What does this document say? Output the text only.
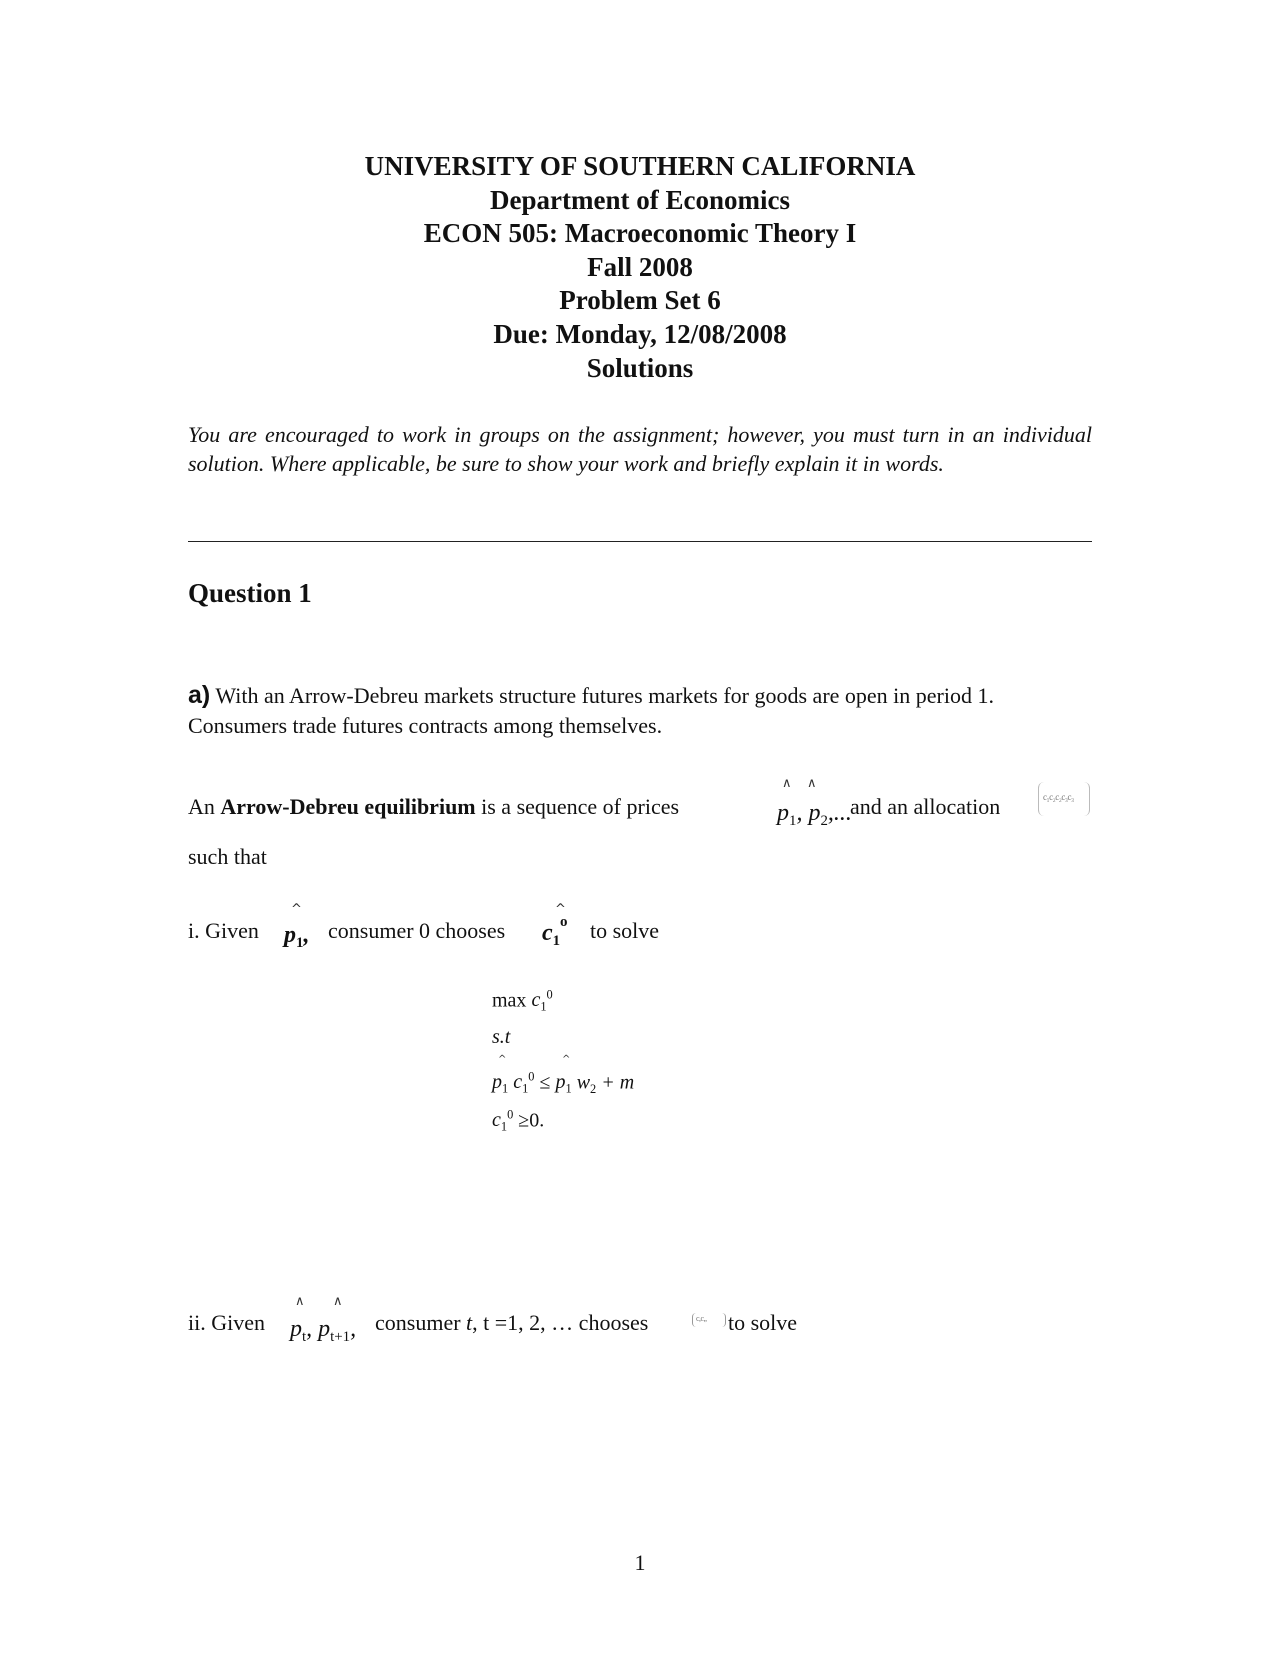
UNIVERSITY OF SOUTHERN CALIFORNIA
Department of Economics
ECON 505: Macroeconomic Theory I
Fall 2008
Problem Set 6
Due: Monday, 12/08/2008
Solutions
You are encouraged to work in groups on the assignment; however, you must turn in an individual solution. Where applicable, be sure to show your work and briefly explain it in words.
Question 1
a) With an Arrow-Debreu markets structure futures markets for goods are open in period 1. Consumers trade futures contracts among themselves.
An Arrow-Debreu equilibrium is a sequence of prices
∧ ∧
$p_1$, $p_2$,...
and an allocation	c₁c₂c₂c₃c₃
such that
i. Given
^
$p_1$, consumer 0 chooses
^
$c_1$
o to solve
$\max c_1^0$
s.t
^	^
$p_1$ $c_1^0 \le p_1$ $w_2 + m$
$c_1^0 \ge 0$.
ii. Given
∧ ∧
$p_t$, $p_{t+1}$, consumer t, t =1, 2, … chooses	c,c,, to solve
1
